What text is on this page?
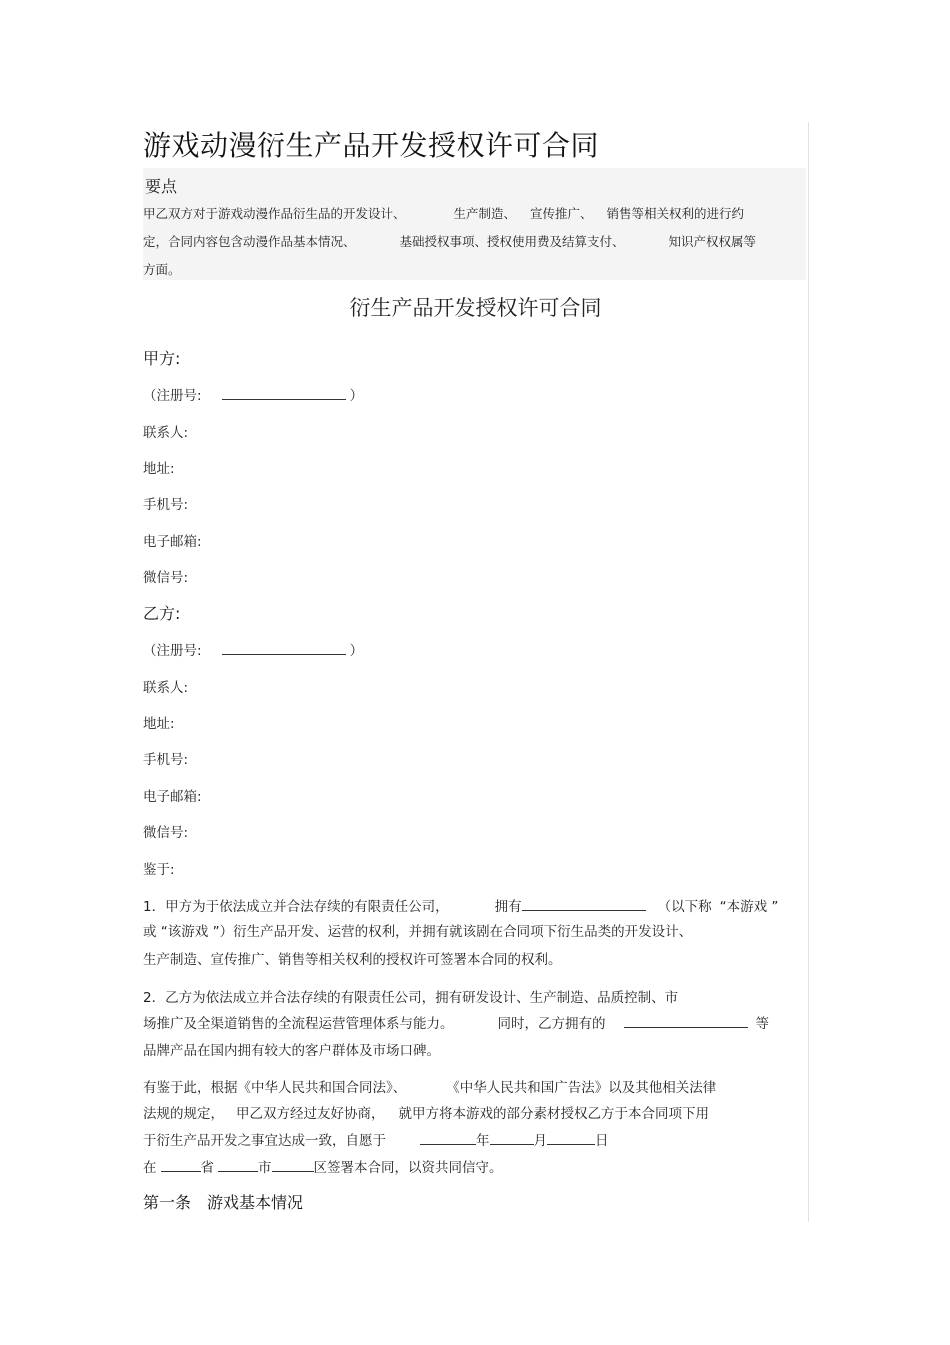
游戏动漫衍生产品开发授权许可合同
要点
甲乙双方对于游戏动漫作品衍生品的开发设计、	生产制造、 宣传推广、 销售等相关权利的进行约
定，合同内容包含动漫作品基本情况、	基础授权事项、授权使用费及结算支付、	知识产权权属等
方面。
衍生产品开发授权许可合同
甲方:
（注册号:	）
联系人:
地址:
手机号:
电子邮箱:
微信号:
乙方:
（注册号:	）
联系人:
地址:
手机号:
电子邮箱:
微信号:
鉴于:
1．甲方为于依法成立并合法存续的有限责任公司，	拥有	（以下称 “本游戏 ”
或 “该游戏 ”）衍生产品开发、运营的权利，并拥有就该剧在合同项下衍生品类的开发设计、
生产制造、宣传推广、销售等相关权利的授权许可签署本合同的权利。
2．乙方为依法成立并合法存续的有限责任公司，拥有研发设计、生产制造、品质控制、市
场推广及全渠道销售的全流程运营管理体系与能力。	同时，乙方拥有的	等
品牌产品在国内拥有较大的客户群体及市场口碑。
有鉴于此，根据《中华人民共和国合同法》、	《中华人民共和国广告法》以及其他相关法律
法规的规定， 甲乙双方经过友好协商， 就甲方将本游戏的部分素材授权乙方于本合同项下用
于衍生产品开发之事宜达成一致，自愿于	年	月	日
在	省	市	区签署本合同，以资共同信守。
第一条　游戏基本情况
